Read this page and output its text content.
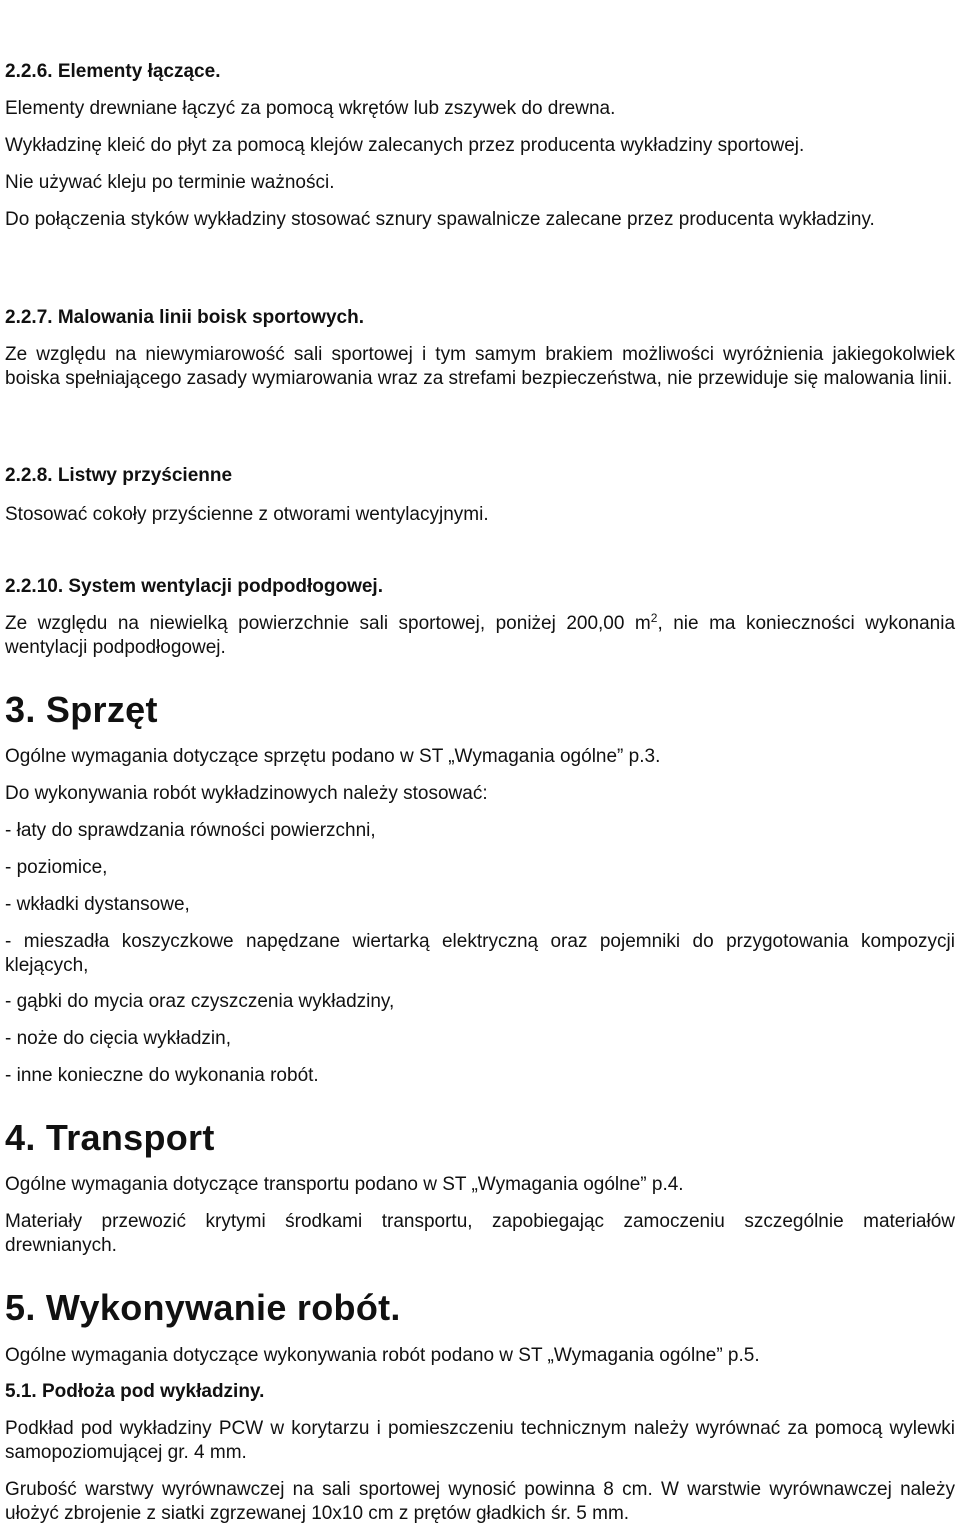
2.2.6. Elementy łączące.

Elementy drewniane łączyć za pomocą wkrętów lub zszywek do drewna.

Wykładzinę kleić do płyt za pomocą klejów zalecanych przez producenta wykładziny sportowej.

Nie używać kleju po terminie ważności.

Do połączenia styków wykładziny stosować sznury spawalnicze zalecane przez producenta wykładziny.

2.2.7. Malowania linii boisk sportowych.

Ze względu na niewymiarowość sali sportowej i tym samym brakiem możliwości wyróżnienia jakiegokolwiek boiska spełniającego zasady wymiarowania wraz za strefami bezpieczeństwa, nie przewiduje się malowania linii.

2.2.8. Listwy przyścienne

Stosować cokoły przyścienne z otworami wentylacyjnymi.

2.2.10. System wentylacji podpodłogowej.

Ze względu na niewielką powierzchnie sali sportowej, poniżej 200,00 $m^2$, nie ma konieczności wykonania wentylacji podpodłogowej.

3. Sprzęt

Ogólne wymagania dotyczące sprzętu podano w ST „Wymagania ogólne” p.3.

Do wykonywania robót wykładzinowych należy stosować:

- łaty do sprawdzania równości powierzchni,

- poziomice,

- wkładki dystansowe,

- mieszadła koszyczkowe napędzane wiertarką elektryczną oraz pojemniki do przygotowania kompozycji klejących,

- gąbki do mycia oraz czyszczenia wykładziny,

- noże do cięcia wykładzin,

- inne konieczne do wykonania robót.

4. Transport

Ogólne wymagania dotyczące transportu podano w ST „Wymagania ogólne” p.4.

Materiały przewozić krytymi środkami transportu, zapobiegając zamoczeniu szczególnie materiałów drewnianych.

5. Wykonywanie robót.

Ogólne wymagania dotyczące wykonywania robót podano w ST „Wymagania ogólne” p.5.

5.1. Podłoża pod wykładziny.

Podkład pod wykładziny PCW w korytarzu i pomieszczeniu technicznym należy wyrównać za pomocą wylewki samopoziomującej gr. 4 mm.

Grubość warstwy wyrównawczej na sali sportowej wynosić powinna 8 cm. W warstwie wyrównawczej należy ułożyć zbrojenie z siatki zgrzewanej 10x10 cm z prętów gładkich śr. 5 mm.
